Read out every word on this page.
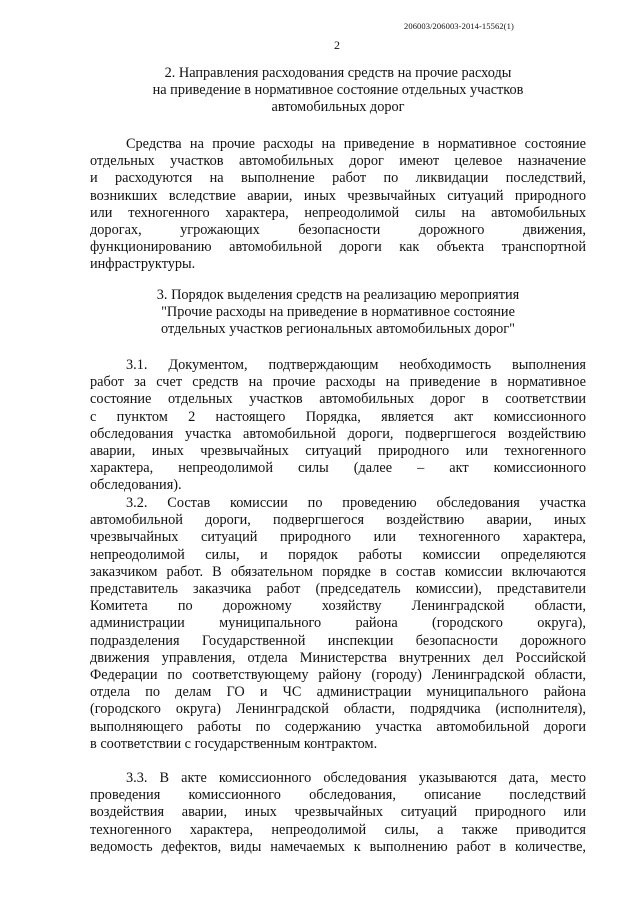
206003/206003-2014-15562(1)
2
2. Направления расходования средств на прочие расходы
на приведение в нормативное состояние отдельных участков
автомобильных дорог
Средства на прочие расходы на приведение в нормативное состояние
отдельных участков автомобильных дорог имеют целевое назначение
и расходуются на выполнение работ по ликвидации последствий,
возникших вследствие аварии, иных чрезвычайных ситуаций природного
или техногенного характера, непреодолимой силы на автомобильных
дорогах, угрожающих безопасности дорожного движения,
функционированию автомобильной дороги как объекта транспортной
инфраструктуры.
3. Порядок выделения средств на реализацию мероприятия
"Прочие расходы на приведение в нормативное состояние
отдельных участков региональных автомобильных дорог"
3.1. Документом, подтверждающим необходимость выполнения
работ за счет средств на прочие расходы на приведение в нормативное
состояние отдельных участков автомобильных дорог в соответствии
с пунктом 2 настоящего Порядка, является акт комиссионного
обследования участка автомобильной дороги, подвергшегося воздействию
аварии, иных чрезвычайных ситуаций природного или техногенного
характера, непреодолимой силы (далее – акт комиссионного
обследования).
3.2. Состав комиссии по проведению обследования участка
автомобильной дороги, подвергшегося воздействию аварии, иных
чрезвычайных ситуаций природного или техногенного характера,
непреодолимой силы, и порядок работы комиссии определяются
заказчиком работ. В обязательном порядке в состав комиссии включаются
представитель заказчика работ (председатель комиссии), представители
Комитета по дорожному хозяйству Ленинградской области,
администрации муниципального района (городского округа),
подразделения Государственной инспекции безопасности дорожного
движения управления, отдела Министерства внутренних дел Российской
Федерации по соответствующему району (городу) Ленинградской области,
отдела по делам ГО и ЧС администрации муниципального района
(городского округа) Ленинградской области, подрядчика (исполнителя),
выполняющего работы по содержанию участка автомобильной дороги
в соответствии с государственным контрактом.
3.3. В акте комиссионного обследования указываются дата, место
проведения комиссионного обследования, описание последствий
воздействия аварии, иных чрезвычайных ситуаций природного или
техногенного характера, непреодолимой силы, а также приводится
ведомость дефектов, виды намечаемых к выполнению работ в количестве,
